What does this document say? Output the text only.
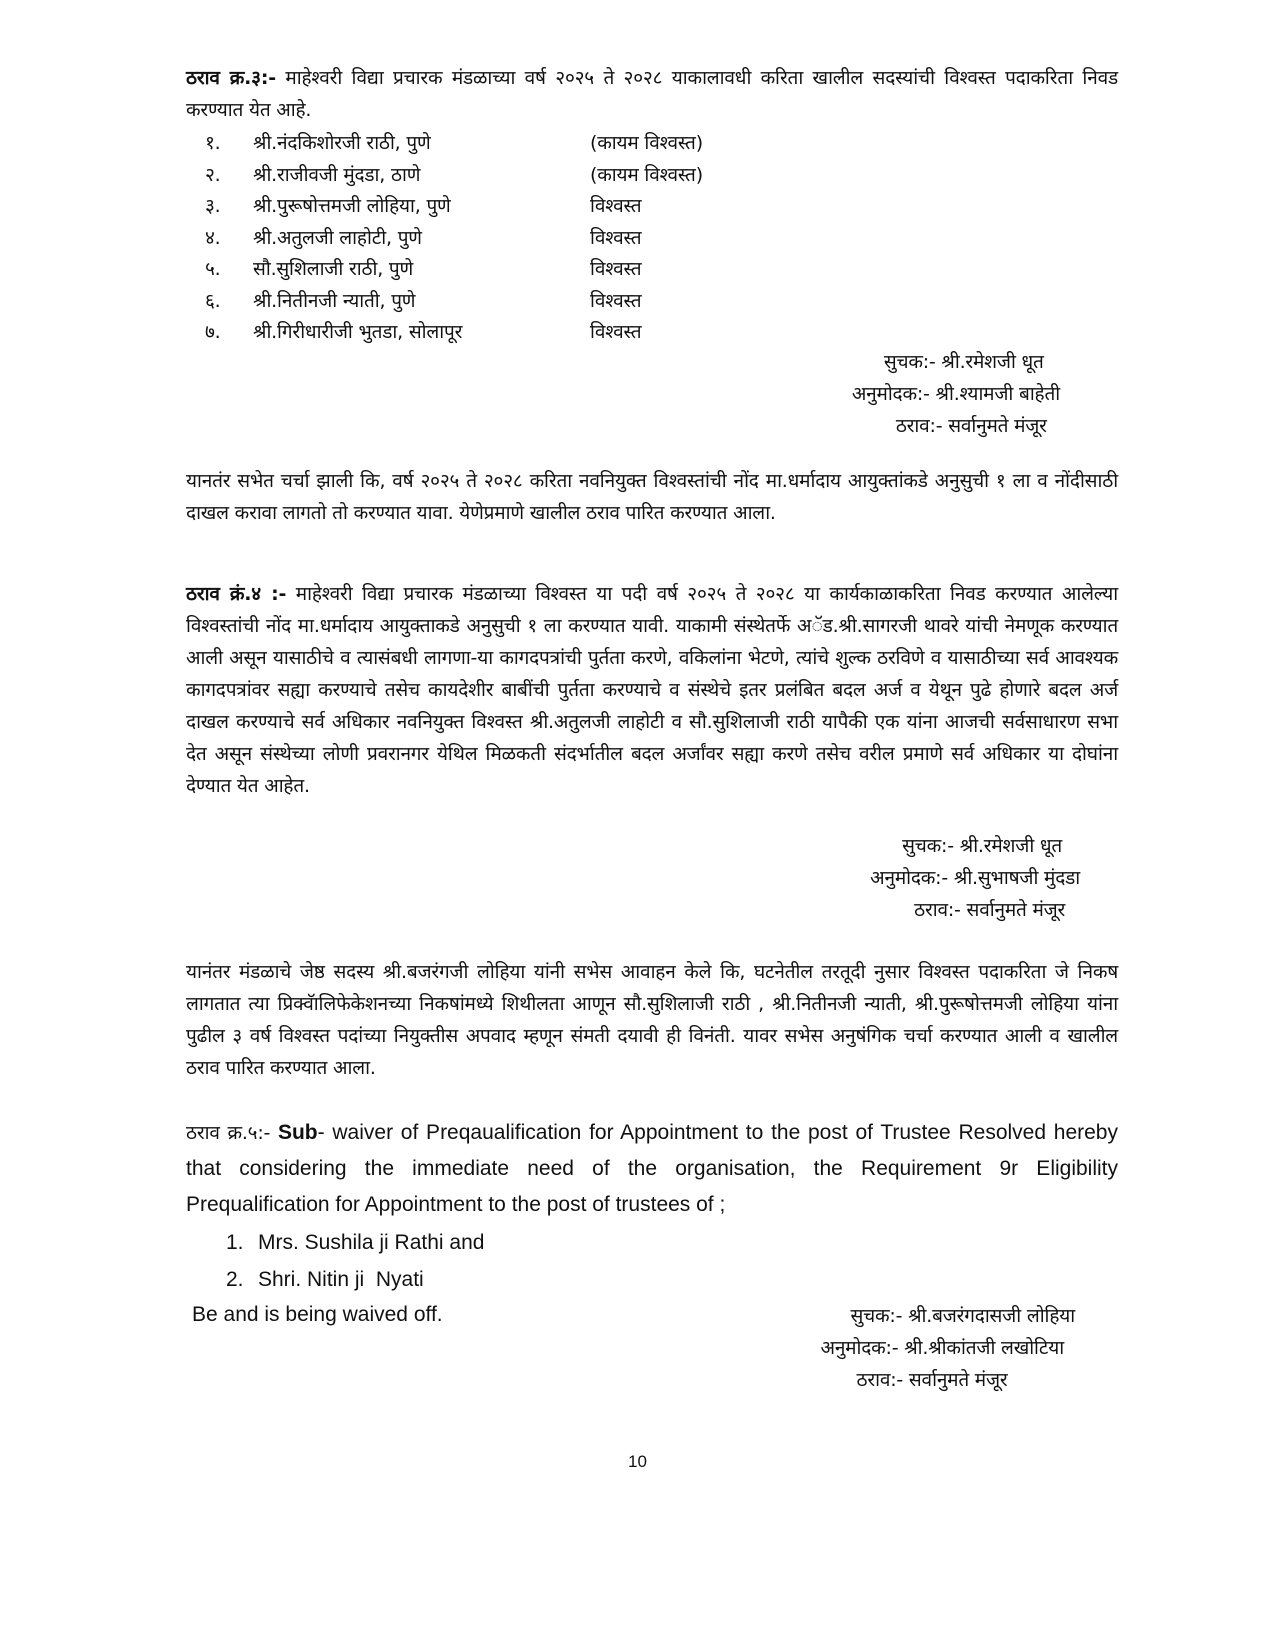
ठराव क्र.३:- माहेश्वरी विद्या प्रचारक मंडळाच्या वर्ष २०२५ ते २०२८ याकालावधी करिता खालील सदस्यांची विश्वस्त पदाकरिता निवड करण्यात येत आहे.
१.	श्री.नंदकिशोरजी राठी, पुणे	(कायम विश्वस्त)
२.	श्री.राजीवजी मुंदडा, ठाणे	(कायम विश्वस्त)
३.	श्री.पुरूषोत्तमजी लोहिया, पुणे	विश्वस्त
४.	श्री.अतुलजी लाहोटी, पुणे	विश्वस्त
५.	सौ.सुशिलाजी राठी, पुणे	विश्वस्त
६.	श्री.नितीनजी न्याती, पुणे	विश्वस्त
७.	श्री.गिरीधारीजी भुतडा, सोलापूर	विश्वस्त
सुचक:- श्री.रमेशजी धूत
अनुमोदक:- श्री.श्यामजी बाहेती
ठराव:- सर्वानुमते मंजूर
यानतंर सभेत चर्चा झाली कि, वर्ष २०२५ ते २०२८ करिता नवनियुक्त विश्वस्तांची नोंद मा.धर्मादाय आयुक्तांकडे अनुसुची १ ला व नोंदीसाठी दाखल करावा लागतो तो करण्यात यावा. येणेप्रमाणे खालील ठराव पारित करण्यात आला.
ठराव क्रं.४ :- माहेश्वरी विद्या प्रचारक मंडळाच्या विश्वस्त या पदी वर्ष २०२५ ते २०२८ या कार्यकाळाकरिता निवड करण्यात आलेल्या विश्वस्तांची नोंद मा.धर्मादाय आयुक्ताकडे अनुसुची १ ला करण्यात यावी. याकामी संस्थेतर्फे अॅड.श्री.सागरजी थावरे यांची नेमणूक करण्यात आली असून यासाठीचे व त्यासंबधी लागणा-या कागदपत्रांची पुर्तता करणे, वकिलांना भेटणे, त्यांचे शुल्क ठरविणे व यासाठीच्या सर्व आवश्यक कागदपत्रांवर सह्या करण्याचे तसेच कायदेशीर बाबींची पुर्तता करण्याचे व संस्थेचे इतर प्रलंबित बदल अर्ज व येथून पुढे होणारे बदल अर्ज दाखल करण्याचे सर्व अधिकार नवनियुक्त विश्वस्त श्री.अतुलजी लाहोटी व सौ.सुशिलाजी राठी यापैकी एक यांना आजची सर्वसाधारण सभा देत असून संस्थेच्या लोणी प्रवरानगर येथिल मिळकती संदर्भातील बदल अर्जांवर सह्या करणे तसेच वरील प्रमाणे सर्व अधिकार या दोघांना देण्यात येत आहेत.
सुचक:- श्री.रमेशजी धूत
अनुमोदक:- श्री.सुभाषजी मुंदडा
ठराव:- सर्वानुमते मंजूर
यानंतर मंडळाचे जेष्ठ सदस्य श्री.बजरंगजी लोहिया यांनी सभेस आवाहन केले कि, घटनेतील तरतूदी नुसार विश्वस्त पदाकरिता जे निकष लागतात त्या प्रिक्वॅालिफेकेशनच्या निकषांमध्ये शिथीलता आणून सौ.सुशिलाजी राठी , श्री.नितीनजी न्याती, श्री.पुरूषोत्तमजी लोहिया यांना पुढील ३ वर्ष विश्वस्त पदांच्या नियुक्तीस अपवाद म्हणून संमती दयावी ही विनंती. यावर सभेस अनुषंगिक चर्चा करण्यात आली व खालील ठराव पारित करण्यात आला.
ठराव क्र.५:- Sub- waiver of Preqaualification for Appointment to the post of Trustee Resolved hereby that considering the immediate need of the organisation, the Requirement 9r Eligibility Prequalification for Appointment to the post of trustees of ;
1. Mrs. Sushila ji Rathi and
2. Shri. Nitin ji  Nyati
Be and is being waived off.	सुचक:- श्री.बजरंगदासजी लोहिया
अनुमोदक:- श्री.श्रीकांतजी लखोटिया
ठराव:- सर्वानुमते मंजूर
10
